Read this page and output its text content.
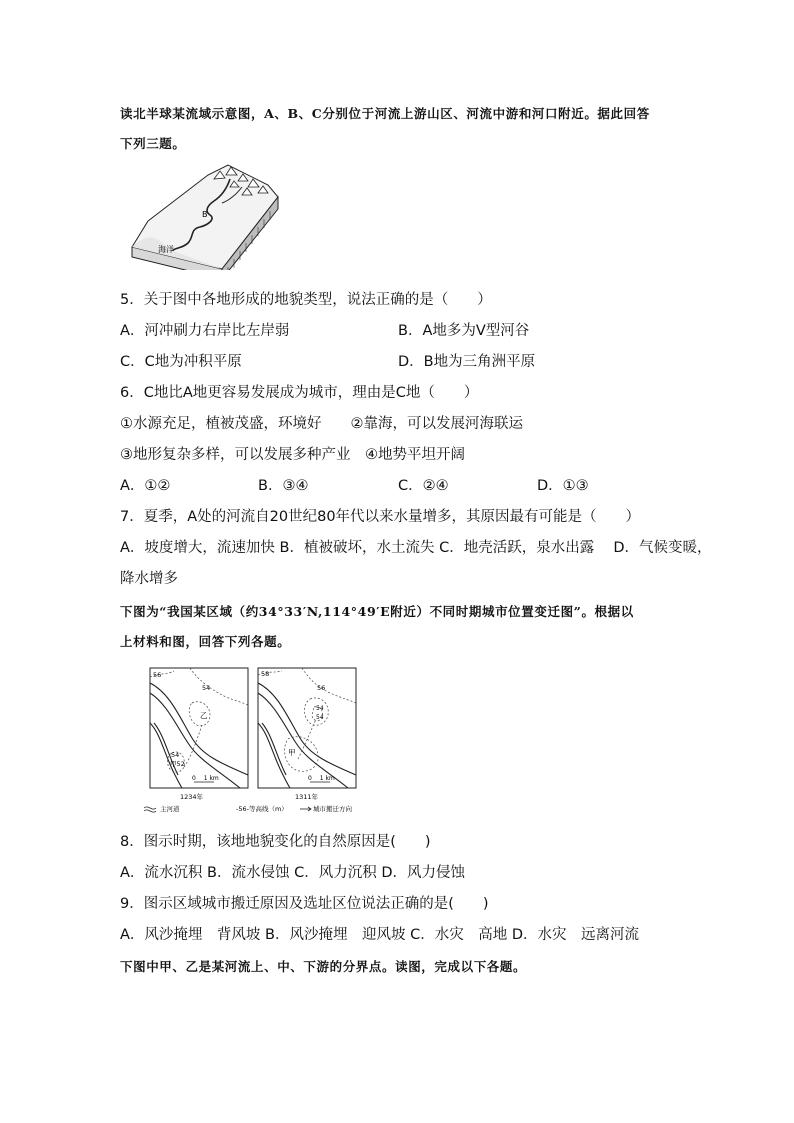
读北半球某流域示意图，A、B、C分别位于河流上游山区、河流中游和河口附近。据此回答
下列三题。
B
海洋
5．关于图中各地形成的地貌类型，说法正确的是（　　）
A．河冲刷力右岸比左岸弱	B．A地多为V型河谷
C．C地为冲积平原	D．B地为三角洲平原
6．C地比A地更容易发展成为城市，理由是C地（　　）
①水源充足，植被茂盛，环境好　　②靠海，可以发展河海联运
③地形复杂多样，可以发展多种产业　④地势平坦开阔
A．①②	B．③④	C．②④	D．①③
7．夏季，A处的河流自20世纪80年代以来水量增多，其原因最有可能是（　　）
A．坡度增大，流速加快 B．植被破坏，水土流失 C．地壳活跃，泉水出露　 D．气候变暖，
降水增多
下图为“我国某区域（约34°33′N,114°49′E附近）不同时期城市位置变迁图”。根据以
上材料和图，回答下列各题。
56
54
乙
54
甲52
0　 1 km
1234年
58
56
54
54
甲
0　 1 km
1311年
主河道	-56-等高线（m）	城市搬迁方向
8．图示时期，该地地貌变化的自然原因是(　　)
A．流水沉积 B．流水侵蚀 C．风力沉积 D．风力侵蚀
9．图示区域城市搬迁原因及选址区位说法正确的是(　　)
A．风沙掩埋　背风坡 B．风沙掩埋　迎风坡 C．水灾　高地 D．水灾　远离河流
下图中甲、乙是某河流上、中、下游的分界点。读图，完成以下各题。
